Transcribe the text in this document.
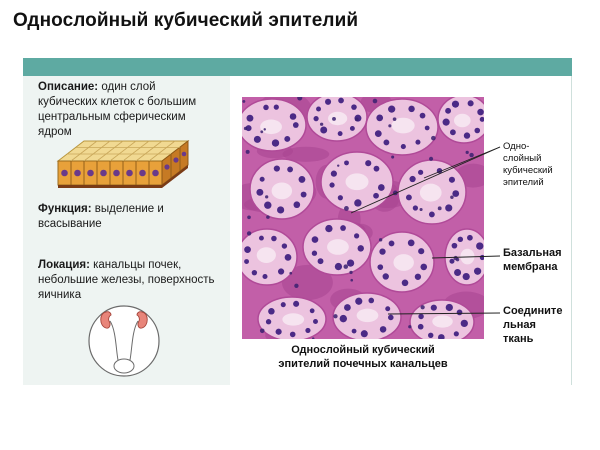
Однослойный кубический эпителий
Описание: один слой кубических клеток с большим центральным сферическим ядром
Функция: выделение и всасывание
Локация: канальцы почек, небольшие железы, поверхность яичника
Однослойный кубический
эпителий почечных канальцев
Одно-
слойный
кубический
эпителий
Базальная
мембрана
Соедините
льная
ткань
